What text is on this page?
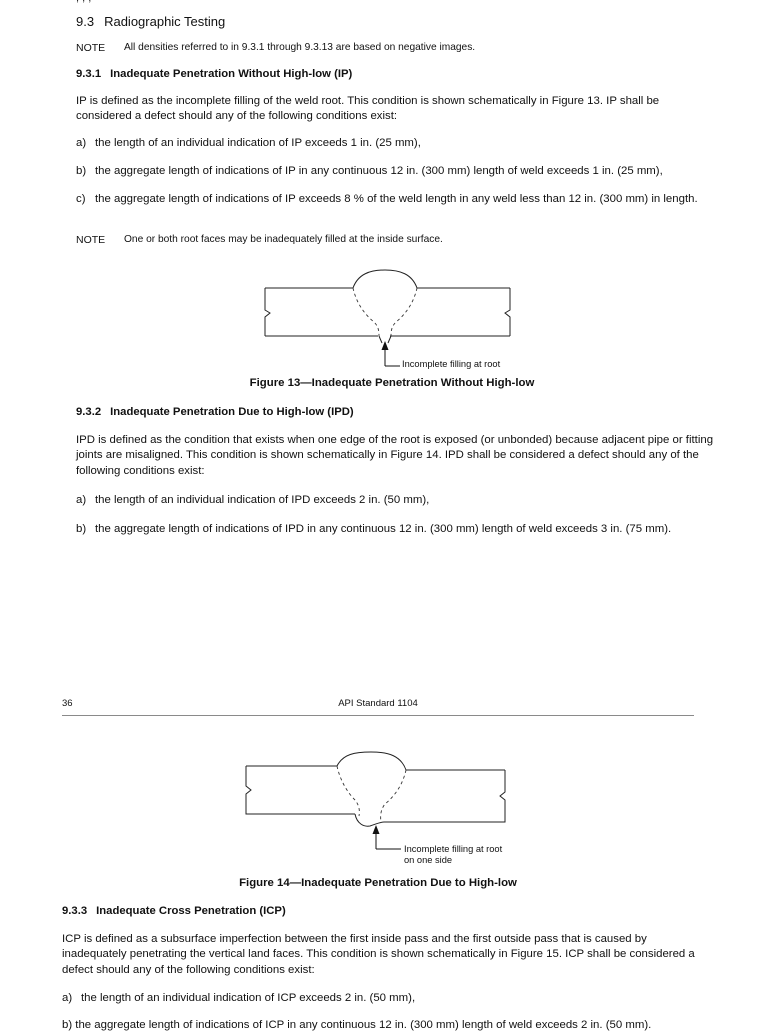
9.3 Radiographic Testing
NOTE	All densities referred to in 9.3.1 through 9.3.13 are based on negative images.
9.3.1 Inadequate Penetration Without High-low (IP)
IP is defined as the incomplete filling of the weld root. This condition is shown schematically in Figure 13. IP shall be considered a defect should any of the following conditions exist:
a) the length of an individual indication of IP exceeds 1 in. (25 mm),
b) the aggregate length of indications of IP in any continuous 12 in. (300 mm) length of weld exceeds 1 in. (25 mm),
c) the aggregate length of indications of IP exceeds 8 % of the weld length in any weld less than 12 in. (300 mm) in length.
NOTE	One or both root faces may be inadequately filled at the inside surface.
Incomplete filling at root
Figure 13—Inadequate Penetration Without High-low
9.3.2 Inadequate Penetration Due to High-low (IPD)
IPD is defined as the condition that exists when one edge of the root is exposed (or unbonded) because adjacent pipe or fitting joints are misaligned. This condition is shown schematically in Figure 14. IPD shall be considered a defect should any of the following conditions exist:
a) the length of an individual indication of IPD exceeds 2 in. (50 mm),
b) the aggregate length of indications of IPD in any continuous 12 in. (300 mm) length of weld exceeds 3 in. (75 mm).
36	API Standard 1104
Incomplete filling at root
on one side
Figure 14—Inadequate Penetration Due to High-low
9.3.3 Inadequate Cross Penetration (ICP)
ICP is defined as a subsurface imperfection between the first inside pass and the first outside pass that is caused by inadequately penetrating the vertical land faces. This condition is shown schematically in Figure 15. ICP shall be considered a defect should any of the following conditions exist:
a) the length of an individual indication of ICP exceeds 2 in. (50 mm),
b) the aggregate length of indications of ICP in any continuous 12 in. (300 mm) length of weld exceeds 2 in. (50 mm).
